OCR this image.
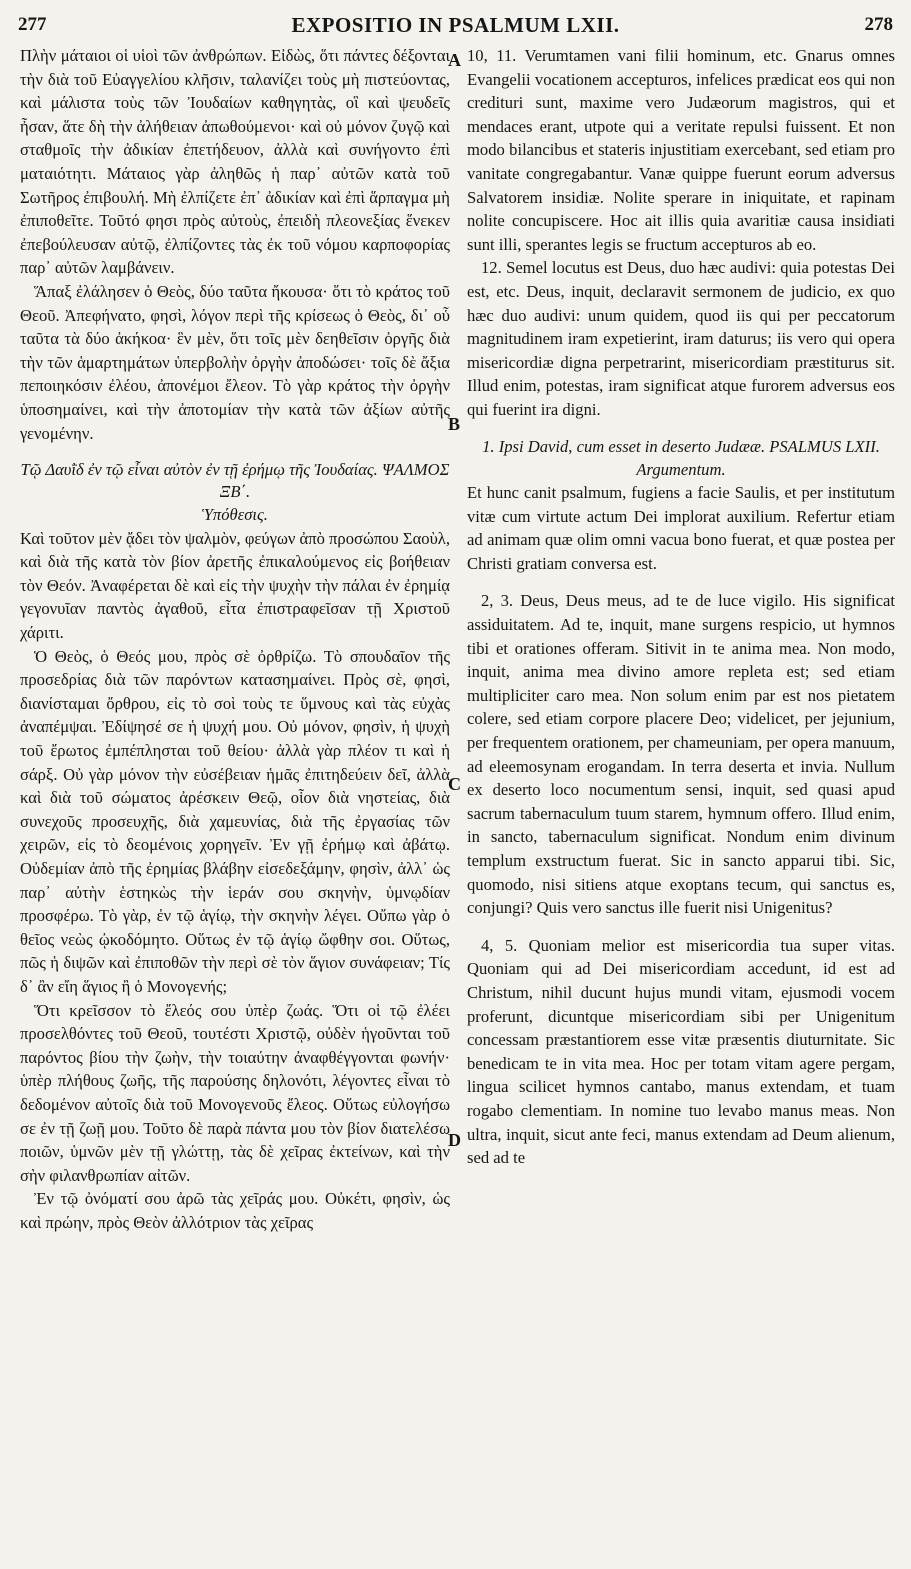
277	EXPOSITIO IN PSALMUM LXII.	278
A
B
C
D

Πλὴν μάταιοι οἱ υἱοὶ τῶν ἀνθρώπων. Εἰδὼς, ὅτι πάντες δέξονται τὴν διὰ τοῦ Εὐαγγελίου κλῆσιν, ταλανίζει τοὺς μὴ πιστεύοντας, καὶ μάλιστα τοὺς τῶν Ἰουδαίων καθηγητὰς, οἳ καὶ ψευδεῖς ἦσαν, ἅτε δὴ τὴν ἀλήθειαν ἀπωθούμενοι· καὶ οὐ μόνον ζυγῷ καὶ σταθμοῖς τὴν ἀδικίαν ἐπετήδευον, ἀλλὰ καὶ συνήγοντο ἐπὶ ματαιότητι. Μάταιος γὰρ ἀληθῶς ἡ παρ᾽ αὐτῶν κατὰ τοῦ Σωτῆρος ἐπιβουλή. Μὴ ἐλπίζετε ἐπ᾽ ἀδικίαν καὶ ἐπὶ ἅρπαγμα μὴ ἐπιποθεῖτε. Τοῦτό φησι πρὸς αὐτοὺς, ἐπειδὴ πλεονεξίας ἕνεκεν ἐπεβούλευσαν αὐτῷ, ἐλπίζοντες τὰς ἐκ τοῦ νόμου καρποφορίας παρ᾽ αὐτῶν λαμβάνειν.

Ἅπαξ ἐλάλησεν ὁ Θεὸς, δύο ταῦτα ἤκουσα· ὅτι τὸ κράτος τοῦ Θεοῦ. Ἀπεφήνατο, φησὶ, λόγον περὶ τῆς κρίσεως ὁ Θεὸς, δι᾽ οὗ ταῦτα τὰ δύο ἀκήκοα· ἓν μὲν, ὅτι τοῖς μὲν δεηθεῖσιν ὀργῆς διὰ τὴν τῶν ἁμαρτημάτων ὑπερβολὴν ὀργὴν ἀποδώσει· τοῖς δὲ ἄξια πεποιηκόσιν ἐλέου, ἀπονέμοι ἔλεον. Τὸ γὰρ κράτος τὴν ὀργὴν ὑποσημαίνει, καὶ τὴν ἀποτομίαν τὴν κατὰ τῶν ἀξίων αὐτῆς γενομένην.

Τῷ Δαυῒδ ἐν τῷ εἶναι αὐτὸν ἐν τῇ ἐρήμῳ τῆς Ἰουδαίας. ΨΑΛΜΟΣ ΞΒ΄.

Ὑπόθεσις.

Καὶ τοῦτον μὲν ᾄδει τὸν ψαλμὸν, φεύγων ἀπὸ προσώπου Σαοὺλ, καὶ διὰ τῆς κατὰ τὸν βίον ἀρετῆς ἐπικαλούμενος εἰς βοήθειαν τὸν Θεόν. Ἀναφέρεται δὲ καὶ εἰς τὴν ψυχὴν τὴν πάλαι ἐν ἐρημίᾳ γεγονυῖαν παντὸς ἀγαθοῦ, εἶτα ἐπιστραφεῖσαν τῇ Χριστοῦ χάριτι.

Ὁ Θεὸς, ὁ Θεός μου, πρὸς σὲ ὀρθρίζω. Τὸ σπουδαῖον τῆς προσεδρίας διὰ τῶν παρόντων κατασημαίνει. Πρὸς σὲ, φησὶ, διανίσταμαι ὄρθρου, εἰς τὸ σοὶ τοὺς τε ὕμνους καὶ τὰς εὐχὰς ἀναπέμψαι. Ἐδίψησέ σε ἡ ψυχή μου. Οὐ μόνον, φησὶν, ἡ ψυχὴ τοῦ ἔρωτος ἐμπέπλησται τοῦ θείου· ἀλλὰ γὰρ πλέον τι καὶ ἡ σάρξ. Οὐ γὰρ μόνον τὴν εὐσέβειαν ἡμᾶς ἐπιτηδεύειν δεῖ, ἀλλὰ καὶ διὰ τοῦ σώματος ἀρέσκειν Θεῷ, οἷον διὰ νηστείας, διὰ συνεχοῦς προσευχῆς, διὰ χαμευνίας, διὰ τῆς ἐργασίας τῶν χειρῶν, εἰς τὸ δεομένοις χορηγεῖν. Ἐν γῇ ἐρήμῳ καὶ ἀβάτῳ. Οὐδεμίαν ἀπὸ τῆς ἐρημίας βλάβην εἰσεδεξάμην, φησὶν, ἀλλ᾽ ὡς παρ᾽ αὐτὴν ἑστηκὼς τὴν ἱεράν σου σκηνὴν, ὑμνῳδίαν προσφέρω. Τὸ γὰρ, ἐν τῷ ἁγίῳ, τὴν σκηνὴν λέγει. Οὔπω γὰρ ὁ θεῖος νεὼς ᾠκοδόμητο. Οὕτως ἐν τῷ ἁγίῳ ὤφθην σοι. Οὕτως, πῶς ἡ διψῶν καὶ ἐπιποθῶν τὴν περὶ σὲ τὸν ἅγιον συνάφειαν; Τίς δ᾽ ἂν εἴη ἅγιος ἢ ὁ Μονογενής;

Ὅτι κρεῖσσον τὸ ἔλεός σου ὑπὲρ ζωάς. Ὅτι οἱ τῷ ἐλέει προσελθόντες τοῦ Θεοῦ, τουτέστι Χριστῷ, οὐδὲν ἡγοῦνται τοῦ παρόντος βίου τὴν ζωὴν, τὴν τοιαύτην ἀναφθέγγονται φωνήν· ὑπὲρ πλήθους ζωῆς, τῆς παρούσης δηλονότι, λέγοντες εἶναι τὸ δεδομένον αὐτοῖς διὰ τοῦ Μονογενοῦς ἔλεος. Οὕτως εὐλογήσω σε ἐν τῇ ζωῇ μου. Τοῦτο δὲ παρὰ πάντα μου τὸν βίον διατελέσω ποιῶν, ὑμνῶν μὲν τῇ γλώττῃ, τὰς δὲ χεῖρας ἐκτείνων, καὶ τὴν σὴν φιλανθρωπίαν αἰτῶν.

Ἐν τῷ ὀνόματί σου ἀρῶ τὰς χεῖράς μου. Οὐκέτι, φησὶν, ὡς καὶ πρώην, πρὸς Θεὸν ἀλλότριον τὰς χεῖρας

10, 11. Verumtamen vani filii hominum, etc. Gnarus omnes Evangelii vocationem accepturos, infelices prædicat eos qui non credituri sunt, maxime vero Judæorum magistros, qui et mendaces erant, utpote qui a veritate repulsi fuissent. Et non modo bilancibus et stateris injustitiam exercebant, sed etiam pro vanitate congregabantur. Vanæ quippe fuerunt eorum adversus Salvatorem insidiæ. Nolite sperare in iniquitate, et rapinam nolite concupiscere. Hoc ait illis quia avaritiæ causa insidiati sunt illi, sperantes legis se fructum accepturos ab eo.

12. Semel locutus est Deus, duo hæc audivi: quia potestas Dei est, etc. Deus, inquit, declaravit sermonem de judicio, ex quo hæc duo audivi: unum quidem, quod iis qui per peccatorum magnitudinem iram expetierint, iram daturus; iis vero qui opera misericordiæ digna perpetrarint, misericordiam præstiturus sit. Illud enim, potestas, iram significat atque furorem adversus eos qui fuerint ira digni.

1. Ipsi David, cum esset in deserto Judææ. PSALMUS LXII.

Argumentum.

Et hunc canit psalmum, fugiens a facie Saulis, et per institutum vitæ cum virtute actum Dei implorat auxilium. Refertur etiam ad animam quæ olim omni vacua bono fuerat, et quæ postea per Christi gratiam conversa est.

2, 3. Deus, Deus meus, ad te de luce vigilo. His significat assiduitatem. Ad te, inquit, mane surgens respicio, ut hymnos tibi et orationes offeram. Sitivit in te anima mea. Non modo, inquit, anima mea divino amore repleta est; sed etiam multipliciter caro mea. Non solum enim par est nos pietatem colere, sed etiam corpore placere Deo; videlicet, per jejunium, per frequentem orationem, per chameuniam, per opera manuum, ad eleemosynam erogandam. In terra deserta et invia. Nullum ex deserto loco nocumentum sensi, inquit, sed quasi apud sacrum tabernaculum tuum starem, hymnum offero. Illud enim, in sancto, tabernaculum significat. Nondum enim divinum templum exstructum fuerat. Sic in sancto apparui tibi. Sic, quomodo, nisi sitiens atque exoptans tecum, qui sanctus es, conjungi? Quis vero sanctus ille fuerit nisi Unigenitus?

4, 5. Quoniam melior est misericordia tua super vitas. Quoniam qui ad Dei misericordiam accedunt, id est ad Christum, nihil ducunt hujus mundi vitam, ejusmodi vocem proferunt, dicuntque misericordiam sibi per Unigenitum concessam præstantiorem esse vitæ præsentis diuturnitate. Sic benedicam te in vita mea. Hoc per totam vitam agere pergam, lingua scilicet hymnos cantabo, manus extendam, et tuam rogabo clementiam. In nomine tuo levabo manus meas. Non ultra, inquit, sicut ante feci, manus extendam ad Deum alienum, sed ad te
